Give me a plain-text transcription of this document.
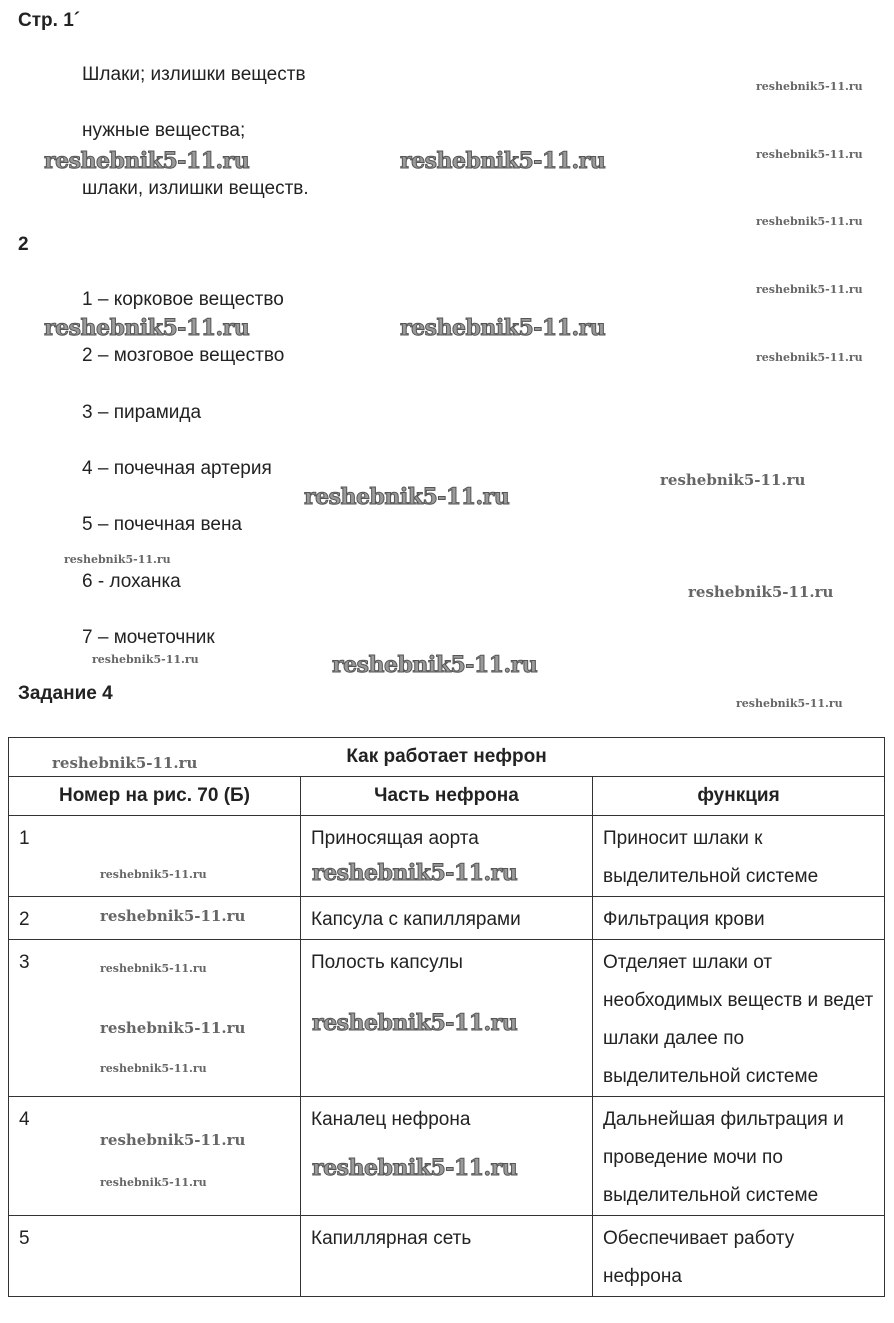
Стр. 1´
Шлаки; излишки веществ
нужные вещества;
шлаки, излишки веществ.
2
1 – корковое вещество
2 – мозговое вещество
3 – пирамида
4 – почечная артерия
5 – почечная вена
6 - лоханка
7 – мочеточник
Задание 4
Как работает нефрон		
Номер на рис. 70 (Б)	Часть нефрона	функция
1	Приносящая аорта	Приносит шлаки к выделительной системе
2	Капсула с капиллярами	Фильтрация крови
3	Полость капсулы	Отделяет шлаки от необходимых веществ и ведет шлаки далее по выделительной системе
4	Каналец нефрона	Дальнейшая фильтрация и проведение мочи по выделительной системе
5	Капиллярная сеть	Обеспечивает работу нефрона
reshebnik5-11.ru	reshebnik5-11.ru
reshebnik5-11.ru	reshebnik5-11.ru
reshebnik5-11.ru
reshebnik5-11.ru
reshebnik5-11.ru
reshebnik5-11.ru
reshebnik5-11.ru
reshebnik5-11.ru
reshebnik5-11.ru
reshebnik5-11.ru
reshebnik5-11.ru
reshebnik5-11.ru
reshebnik5-11.ru
reshebnik5-11.ru
reshebnik5-11.ru
reshebnik5-11.ru
reshebnik5-11.ru
reshebnik5-11.ru
reshebnik5-11.ru
reshebnik5-11.ru
reshebnik5-11.ru
reshebnik5-11.ru
reshebnik5-11.ru
reshebnik5-11.ru
reshebnik5-11.ru
